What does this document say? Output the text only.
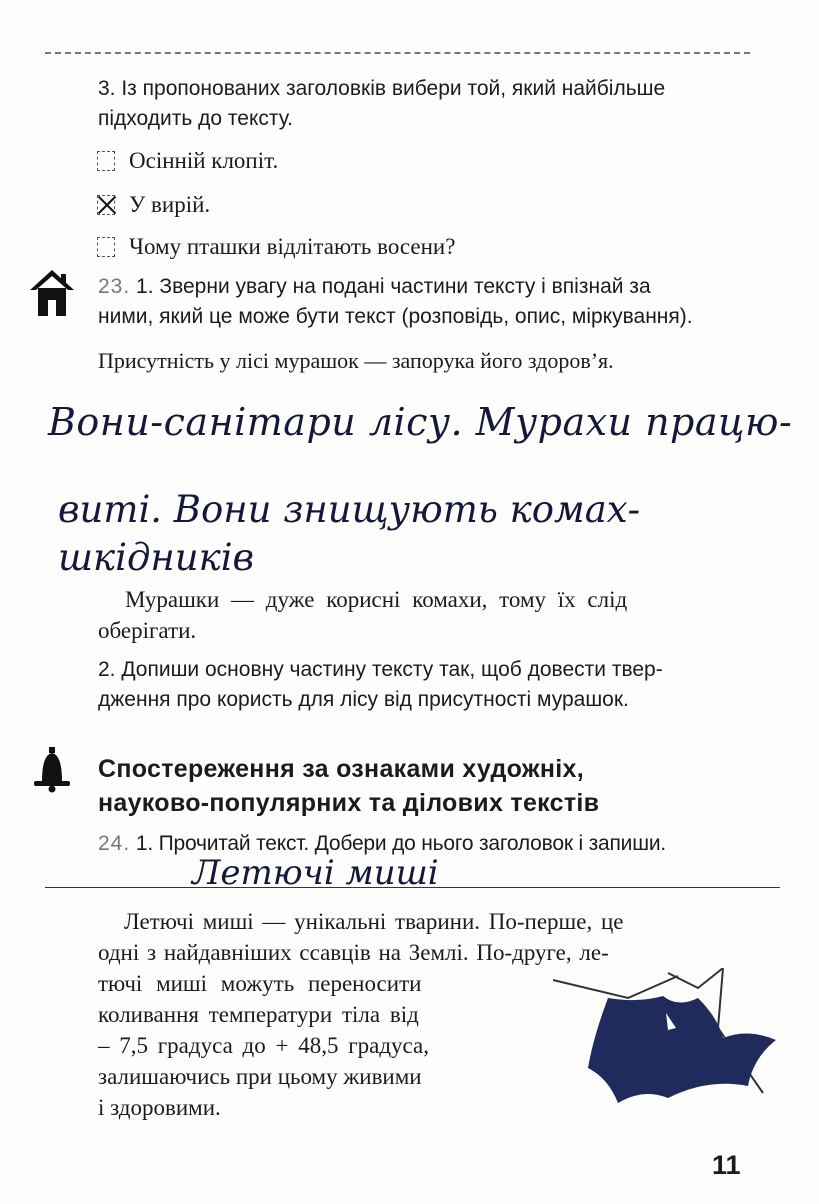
3. Із пропонованих заголовків вибери той, який найбільше
підходить до тексту.
Осінній клопіт.
У вирій.
Чому пташки відлітають восени?
23. 1. Зверни увагу на подані частини тексту і впізнай за
ними, який це може бути текст (розповідь, опис, міркування).
Присутність у лісі мурашок — запорука його здоров’я.
Вони-санітари лісу. Мурахи працю-
виті. Вони знищують комах-шкідників
Мурашки — дуже корисні комахи, тому їх слід
оберігати.
2. Допиши основну частину тексту так, щоб довести твер-
дження про користь для лісу від присутності мурашок.
Спостереження за ознаками художніх,
науково-популярних та ділових текстів
24. 1. Прочитай текст. Добери до нього заголовок і запиши.
Летючі миші
Летючі миші — унікальні тварини. По-перше, це
одні з найдавніших ссавців на Землі. По-друге, ле-
тючі миші можуть переносити
коливання температури тіла від
– 7,5 градуса до + 48,5 градуса,
залишаючись при цьому живими
і здоровими.
11
